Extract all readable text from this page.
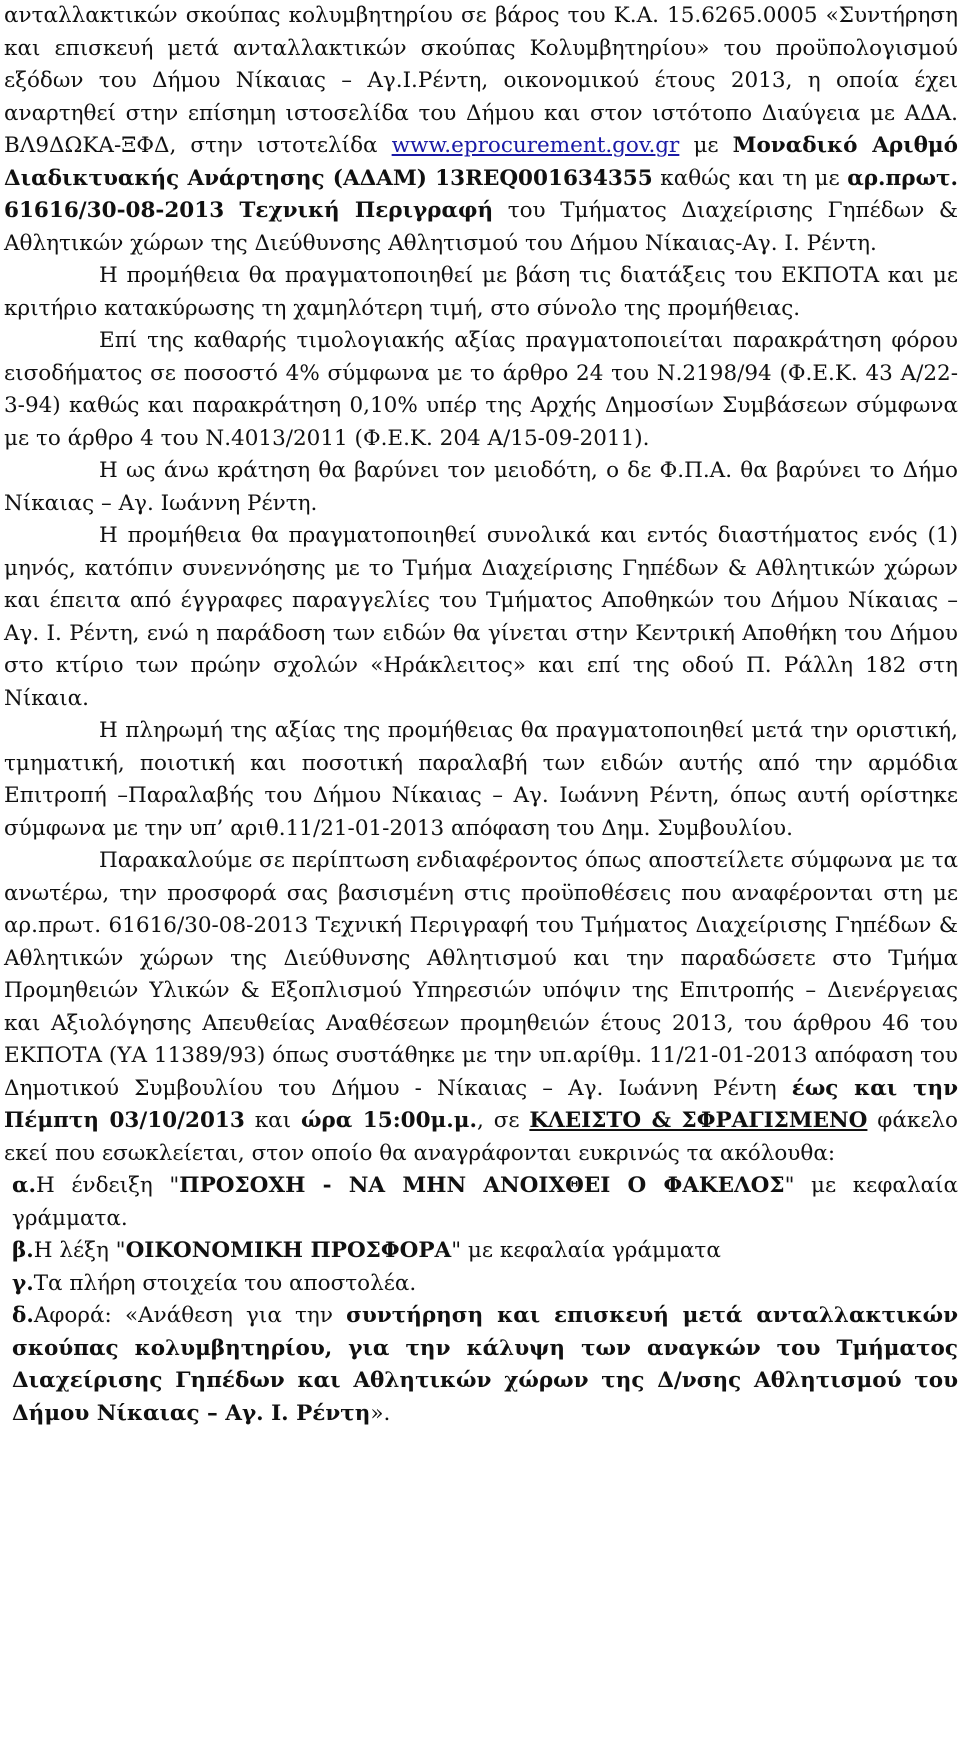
ανταλλακτικών σκούπας κολυμβητηρίου σε βάρος του Κ.Α. 15.6265.0005 «Συντήρηση και επισκευή μετά ανταλλακτικών σκούπας Κολυμβητηρίου» του προϋπολογισμού εξόδων του Δήμου Νίκαιας – Αγ.Ι.Ρέντη, οικονομικού έτους 2013, η οποία έχει αναρτηθεί στην επίσημη ιστοσελίδα του Δήμου και στον ιστότοπο Διαύγεια με ΑΔΑ. ΒΛ9ΔΩΚΑ-ΞΦΔ, στην ιστοτελίδα www.eprocurement.gov.gr με Μοναδικό Αριθμό Διαδικτυακής Ανάρτησης (ΑΔΑΜ) 13REQ001634355 καθώς και τη με αρ.πρωτ. 61616/30-08-2013 Τεχνική Περιγραφή του Τμήματος Διαχείρισης Γηπέδων & Αθλητικών χώρων της Διεύθυνσης Αθλητισμού του Δήμου Νίκαιας-Αγ. Ι. Ρέντη.

Η προμήθεια θα πραγματοποιηθεί με βάση τις διατάξεις του ΕΚΠΟΤΑ και με κριτήριο κατακύρωσης τη χαμηλότερη τιμή, στο σύνολο της προμήθειας.

Επί της καθαρής τιμολογιακής αξίας πραγματοποιείται παρακράτηση φόρου εισοδήματος σε ποσοστό 4% σύμφωνα με το άρθρο 24 του Ν.2198/94 (Φ.Ε.Κ. 43 Α/22-3-94) καθώς και παρακράτηση 0,10% υπέρ της Αρχής Δημοσίων Συμβάσεων σύμφωνα με το άρθρο 4 του Ν.4013/2011 (Φ.Ε.Κ. 204 Α/15-09-2011).

Η ως άνω κράτηση θα βαρύνει τον μειοδότη, ο δε Φ.Π.Α. θα βαρύνει το Δήμο Νίκαιας – Αγ. Ιωάννη Ρέντη.

Η προμήθεια θα πραγματοποιηθεί συνολικά και εντός διαστήματος ενός (1) μηνός, κατόπιν συνεννόησης με το Τμήμα Διαχείρισης Γηπέδων & Αθλητικών χώρων και έπειτα από έγγραφες παραγγελίες του Τμήματος Αποθηκών του Δήμου Νίκαιας – Αγ. Ι. Ρέντη, ενώ η παράδοση των ειδών θα γίνεται στην Κεντρική Αποθήκη του Δήμου στο κτίριο των πρώην σχολών «Ηράκλειτος» και επί της οδού Π. Ράλλη 182 στη Νίκαια.

Η πληρωμή της αξίας της προμήθειας θα πραγματοποιηθεί μετά την οριστική, τμηματική, ποιοτική και ποσοτική παραλαβή των ειδών αυτής από την αρμόδια Επιτροπή –Παραλαβής του Δήμου Νίκαιας – Αγ. Ιωάννη Ρέντη, όπως αυτή ορίστηκε σύμφωνα με την υπ’ αριθ.11/21-01-2013 απόφαση του Δημ. Συμβουλίου.

Παρακαλούμε σε περίπτωση ενδιαφέροντος όπως αποστείλετε σύμφωνα με τα ανωτέρω, την προσφορά σας βασισμένη στις προϋποθέσεις που αναφέρονται στη με αρ.πρωτ. 61616/30-08-2013 Τεχνική Περιγραφή του Τμήματος Διαχείρισης Γηπέδων & Αθλητικών χώρων της Διεύθυνσης Αθλητισμού και την παραδώσετε στο Τμήμα Προμηθειών Υλικών & Εξοπλισμού Υπηρεσιών υπόψιν της Επιτροπής – Διενέργειας και Αξιολόγησης Απευθείας Αναθέσεων προμηθειών έτους 2013, του άρθρου 46 του ΕΚΠΟΤΑ (ΥΑ 11389/93) όπως συστάθηκε με την υπ.αρίθμ. 11/21-01-2013 απόφαση του Δημοτικού Συμβουλίου του Δήμου - Νίκαιας – Αγ. Ιωάννη Ρέντη έως και την Πέμπτη 03/10/2013 και ώρα 15:00μ.μ., σε ΚΛΕΙΣΤΟ & ΣΦΡΑΓΙΣΜΕΝΟ φάκελο εκεί που εσωκλείεται, στον οποίο θα αναγράφονται ευκρινώς τα ακόλουθα:

α.Η ένδειξη "ΠΡΟΣΟΧΗ - ΝΑ ΜΗΝ ΑΝΟΙΧΘΕΙ Ο ΦΑΚΕΛΟΣ" με κεφαλαία γράμματα.

β.Η λέξη "ΟΙΚΟΝΟΜΙΚΗ ΠΡΟΣΦΟΡΑ" με κεφαλαία γράμματα

γ.Τα πλήρη στοιχεία του αποστολέα.

δ.Αφορά: «Ανάθεση για την συντήρηση και επισκευή μετά ανταλλακτικών σκούπας κολυμβητηρίου, για την κάλυψη των αναγκών του Τμήματος Διαχείρισης Γηπέδων και Αθλητικών χώρων της Δ/νσης Αθλητισμού του Δήμου Νίκαιας – Αγ. Ι. Ρέντη».
